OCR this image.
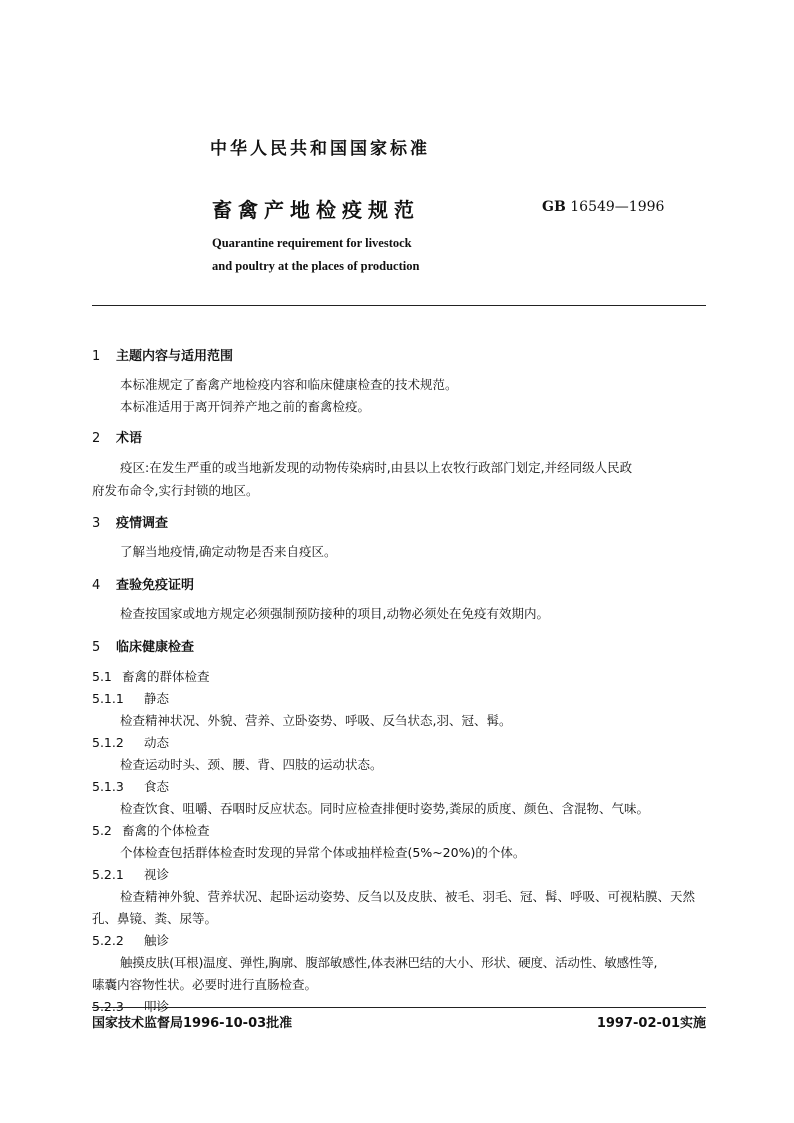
中华人民共和国国家标准
畜禽产地检疫规范	GB 16549—1996
Quarantine requirement for livestock
and poultry at the places of production
1 主题内容与适用范围
本标准规定了畜禽产地检疫内容和临床健康检查的技术规范。
本标准适用于离开饲养产地之前的畜禽检疫。
2 术语
疫区:在发生严重的或当地新发现的动物传染病时,由县以上农牧行政部门划定,并经同级人民政
府发布命令,实行封锁的地区。
3 疫情调查
了解当地疫情,确定动物是否来自疫区。
4 查验免疫证明
检查按国家或地方规定必须强制预防接种的项目,动物必须处在免疫有效期内。
5 临床健康检查
5.1 畜禽的群体检查
5.1.1 静态
检查精神状况、外貌、营养、立卧姿势、呼吸、反刍状态,羽、冠、髯。
5.1.2 动态
检查运动时头、颈、腰、背、四肢的运动状态。
5.1.3 食态
检查饮食、咀嚼、吞咽时反应状态。同时应检查排便时姿势,粪尿的质度、颜色、含混物、气味。
5.2 畜禽的个体检查
个体检查包括群体检查时发现的异常个体或抽样检查(5%~20%)的个体。
5.2.1 视诊
检查精神外貌、营养状况、起卧运动姿势、反刍以及皮肤、被毛、羽毛、冠、髯、呼吸、可视粘膜、天然
孔、鼻镜、粪、尿等。
5.2.2 触诊
触摸皮肤(耳根)温度、弹性,胸廓、腹部敏感性,体表淋巴结的大小、形状、硬度、活动性、敏感性等,
嗉囊内容物性状。必要时进行直肠检查。
5.2.3 叩诊
国家技术监督局1996-10-03批准	1997-02-01实施
